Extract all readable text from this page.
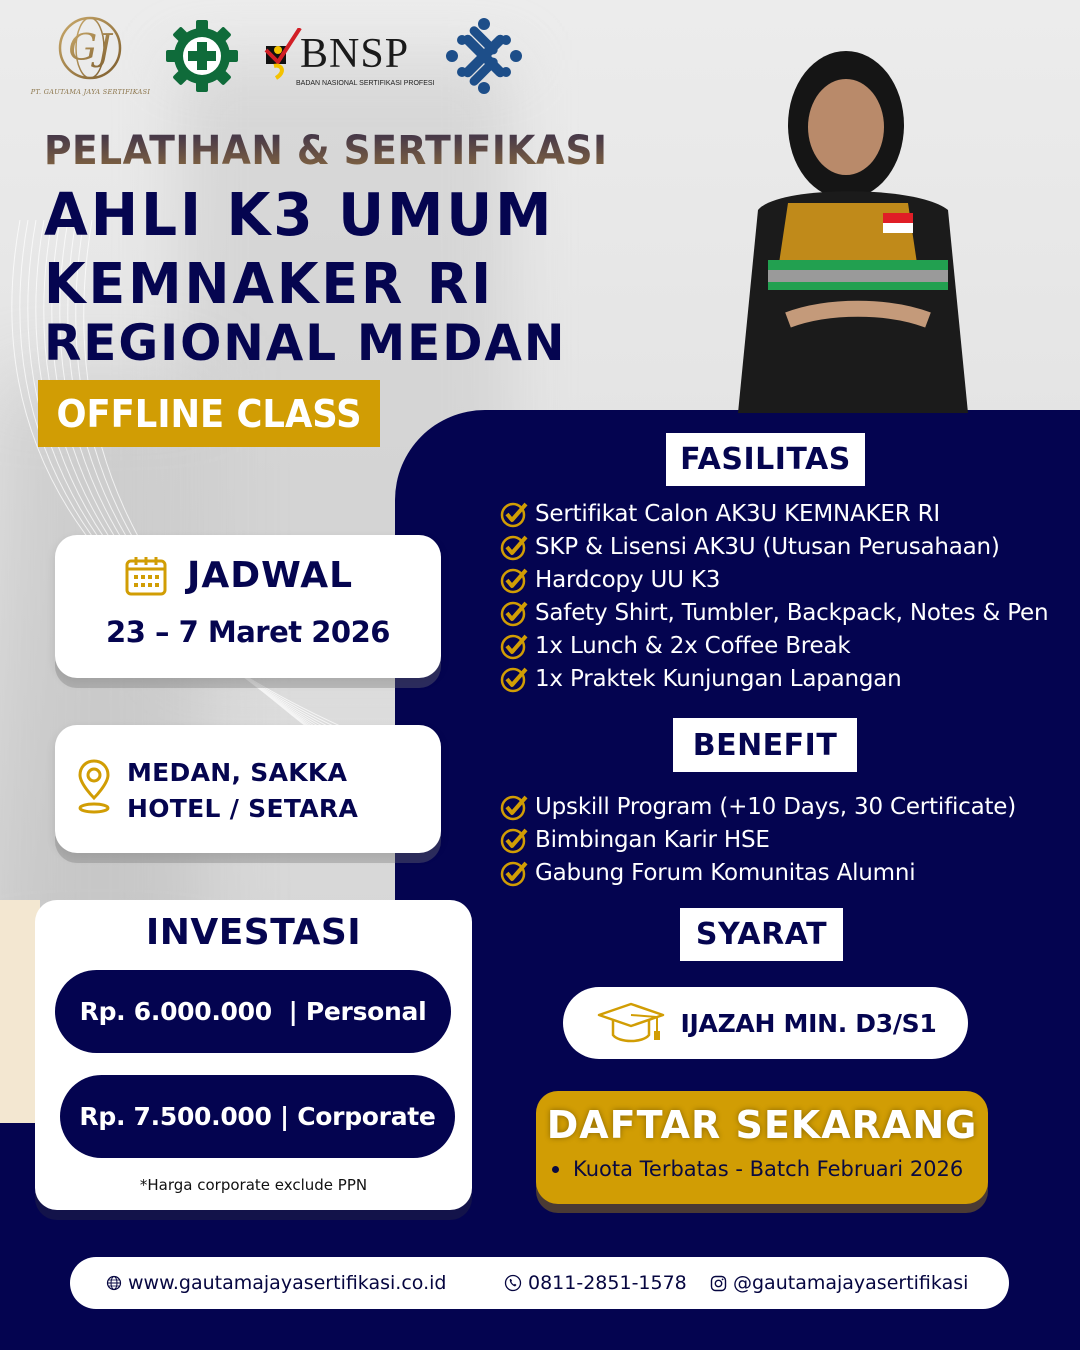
GJ
PT. GAUTAMA JAYA SERTIFIKASI
BNSP
BADAN NASIONAL SERTIFIKASI PROFESI
PELATIHAN & SERTIFIKASI
AHLI K3 UMUM
KEMNAKER RI
REGIONAL MEDAN
OFFLINE CLASS
JADWAL
23 – 7 Maret 2026
MEDAN, SAKKA
HOTEL / SETARA
INVESTASI
Rp. 6.000.000  | Personal
Rp. 7.500.000 | Corporate
*Harga corporate exclude PPN
FASILITAS
Sertifikat Calon AK3U KEMNAKER RI
SKP & Lisensi AK3U (Utusan Perusahaan)
Hardcopy UU K3
Safety Shirt, Tumbler, Backpack, Notes & Pen
1x Lunch & 2x Coffee Break
1x Praktek Kunjungan Lapangan
BENEFIT
Upskill Program (+10 Days, 30 Certificate)
Bimbingan Karir HSE
Gabung Forum Komunitas Alumni
SYARAT
IJAZAH MIN. D3/S1
DAFTAR SEKARANG
Kuota Terbatas - Batch Februari 2026
www.gautamajayasertifikasi.co.id	0811-2851-1578 @gautamajayasertifikasi
